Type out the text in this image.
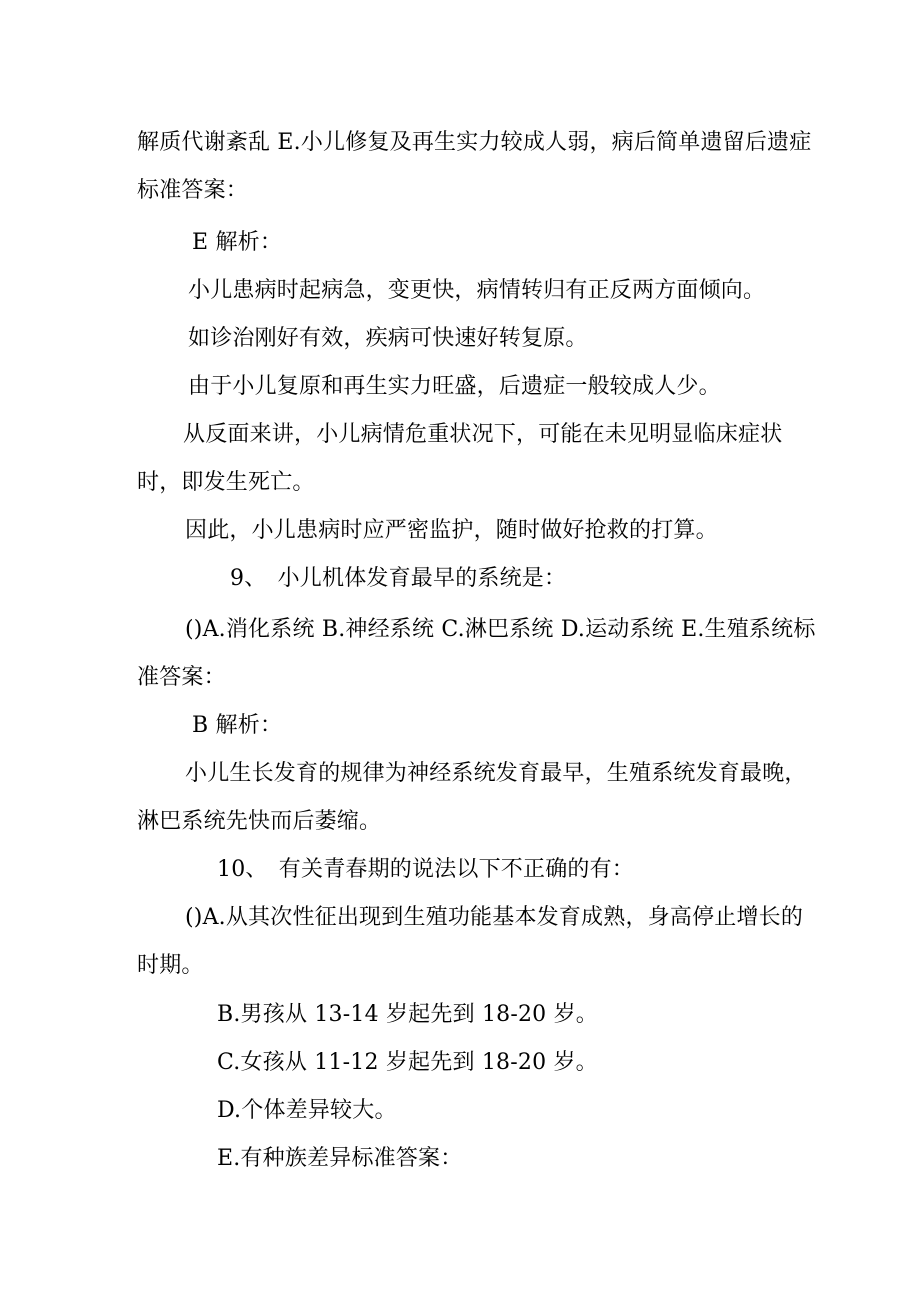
解质代谢紊乱 E.小儿修复及再生实力较成人弱，病后简单遗留后遗症
标准答案：
E 解析：
小儿患病时起病急，变更快，病情转归有正反两方面倾向。
如诊治刚好有效，疾病可快速好转复原。
由于小儿复原和再生实力旺盛，后遗症一般较成人少。
从反面来讲，小儿病情危重状况下，可能在未见明显临床症状
时，即发生死亡。
因此，小儿患病时应严密监护，随时做好抢救的打算。
9、　小儿机体发育最早的系统是：
()A.消化系统 B.神经系统 C.淋巴系统 D.运动系统 E.生殖系统标
准答案：
B 解析：
小儿生长发育的规律为神经系统发育最早，生殖系统发育最晚，
淋巴系统先快而后萎缩。
10、　有关青春期的说法以下不正确的有：
()A.从其次性征出现到生殖功能基本发育成熟，身高停止增长的
时期。
B.男孩从 13-14 岁起先到 18-20 岁。
C.女孩从 11-12 岁起先到 18-20 岁。
D.个体差异较大。
E.有种族差异标准答案：
